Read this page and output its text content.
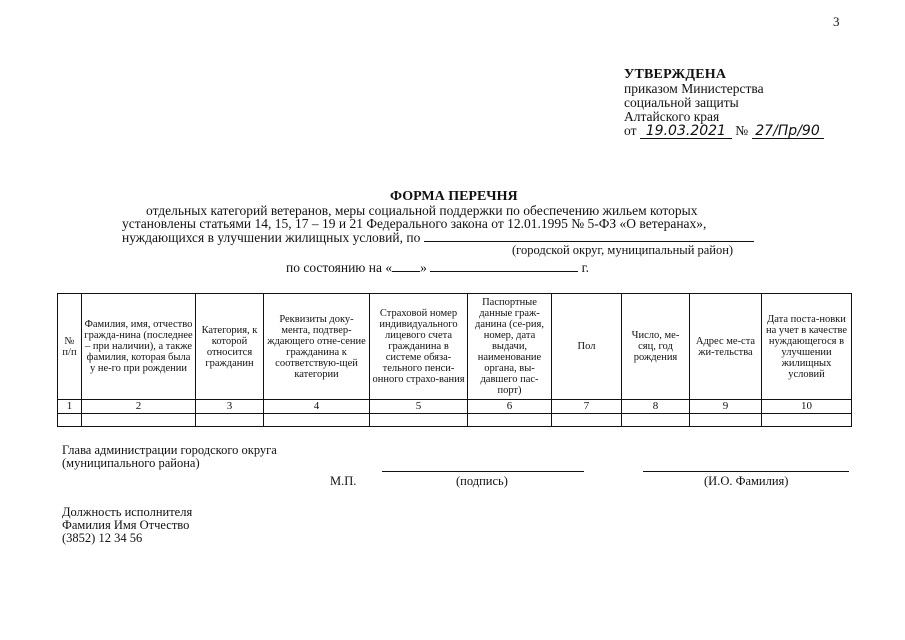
3
УТВЕРЖДЕНА
приказом Министерства
социальной защиты
Алтайского края
от 19.03.2021 № 27/Пр/90
ФОРМА ПЕРЕЧНЯ
отдельных категорий ветеранов, меры социальной поддержки по обеспечению жильем которых
установлены статьями 14, 15, 17 – 19 и 21 Федерального закона от 12.01.1995 № 5-ФЗ «О ветеранах»,
нуждающихся в улучшении жилищных условий, по
(городской округ, муниципальный район)
по состоянию на « »	г.
№ п/п	Фамилия, имя, отчество гражда-нина (последнее – при наличии), а также фамилия, которая была у не-го при рождении	Категория, к которой относится гражданин	Реквизиты доку-мента, подтвер-ждающего отне-сение гражданина к соответствую-щей категории	Страховой номер индивидуального лицевого счета гражданина в системе обяза-тельного пенси-онного страхо-вания	Паспортные данные граж-данина (се-рия, номер, дата выдачи, наименование органа, вы-давшего пас-порт)	Пол	Число, ме-сяц, год рождения	Адрес ме-ста жи-тельства	Дата поста-новки на учет в качестве нуждающегося в улучшении жилищных условий
1	2	3	4	5	6	7	8	9	10

Глава администрации городского округа
(муниципального района)
М.П.	(подпись)	(И.О. Фамилия)
Должность исполнителя
Фамилия Имя Отчество
(3852) 12 34 56
